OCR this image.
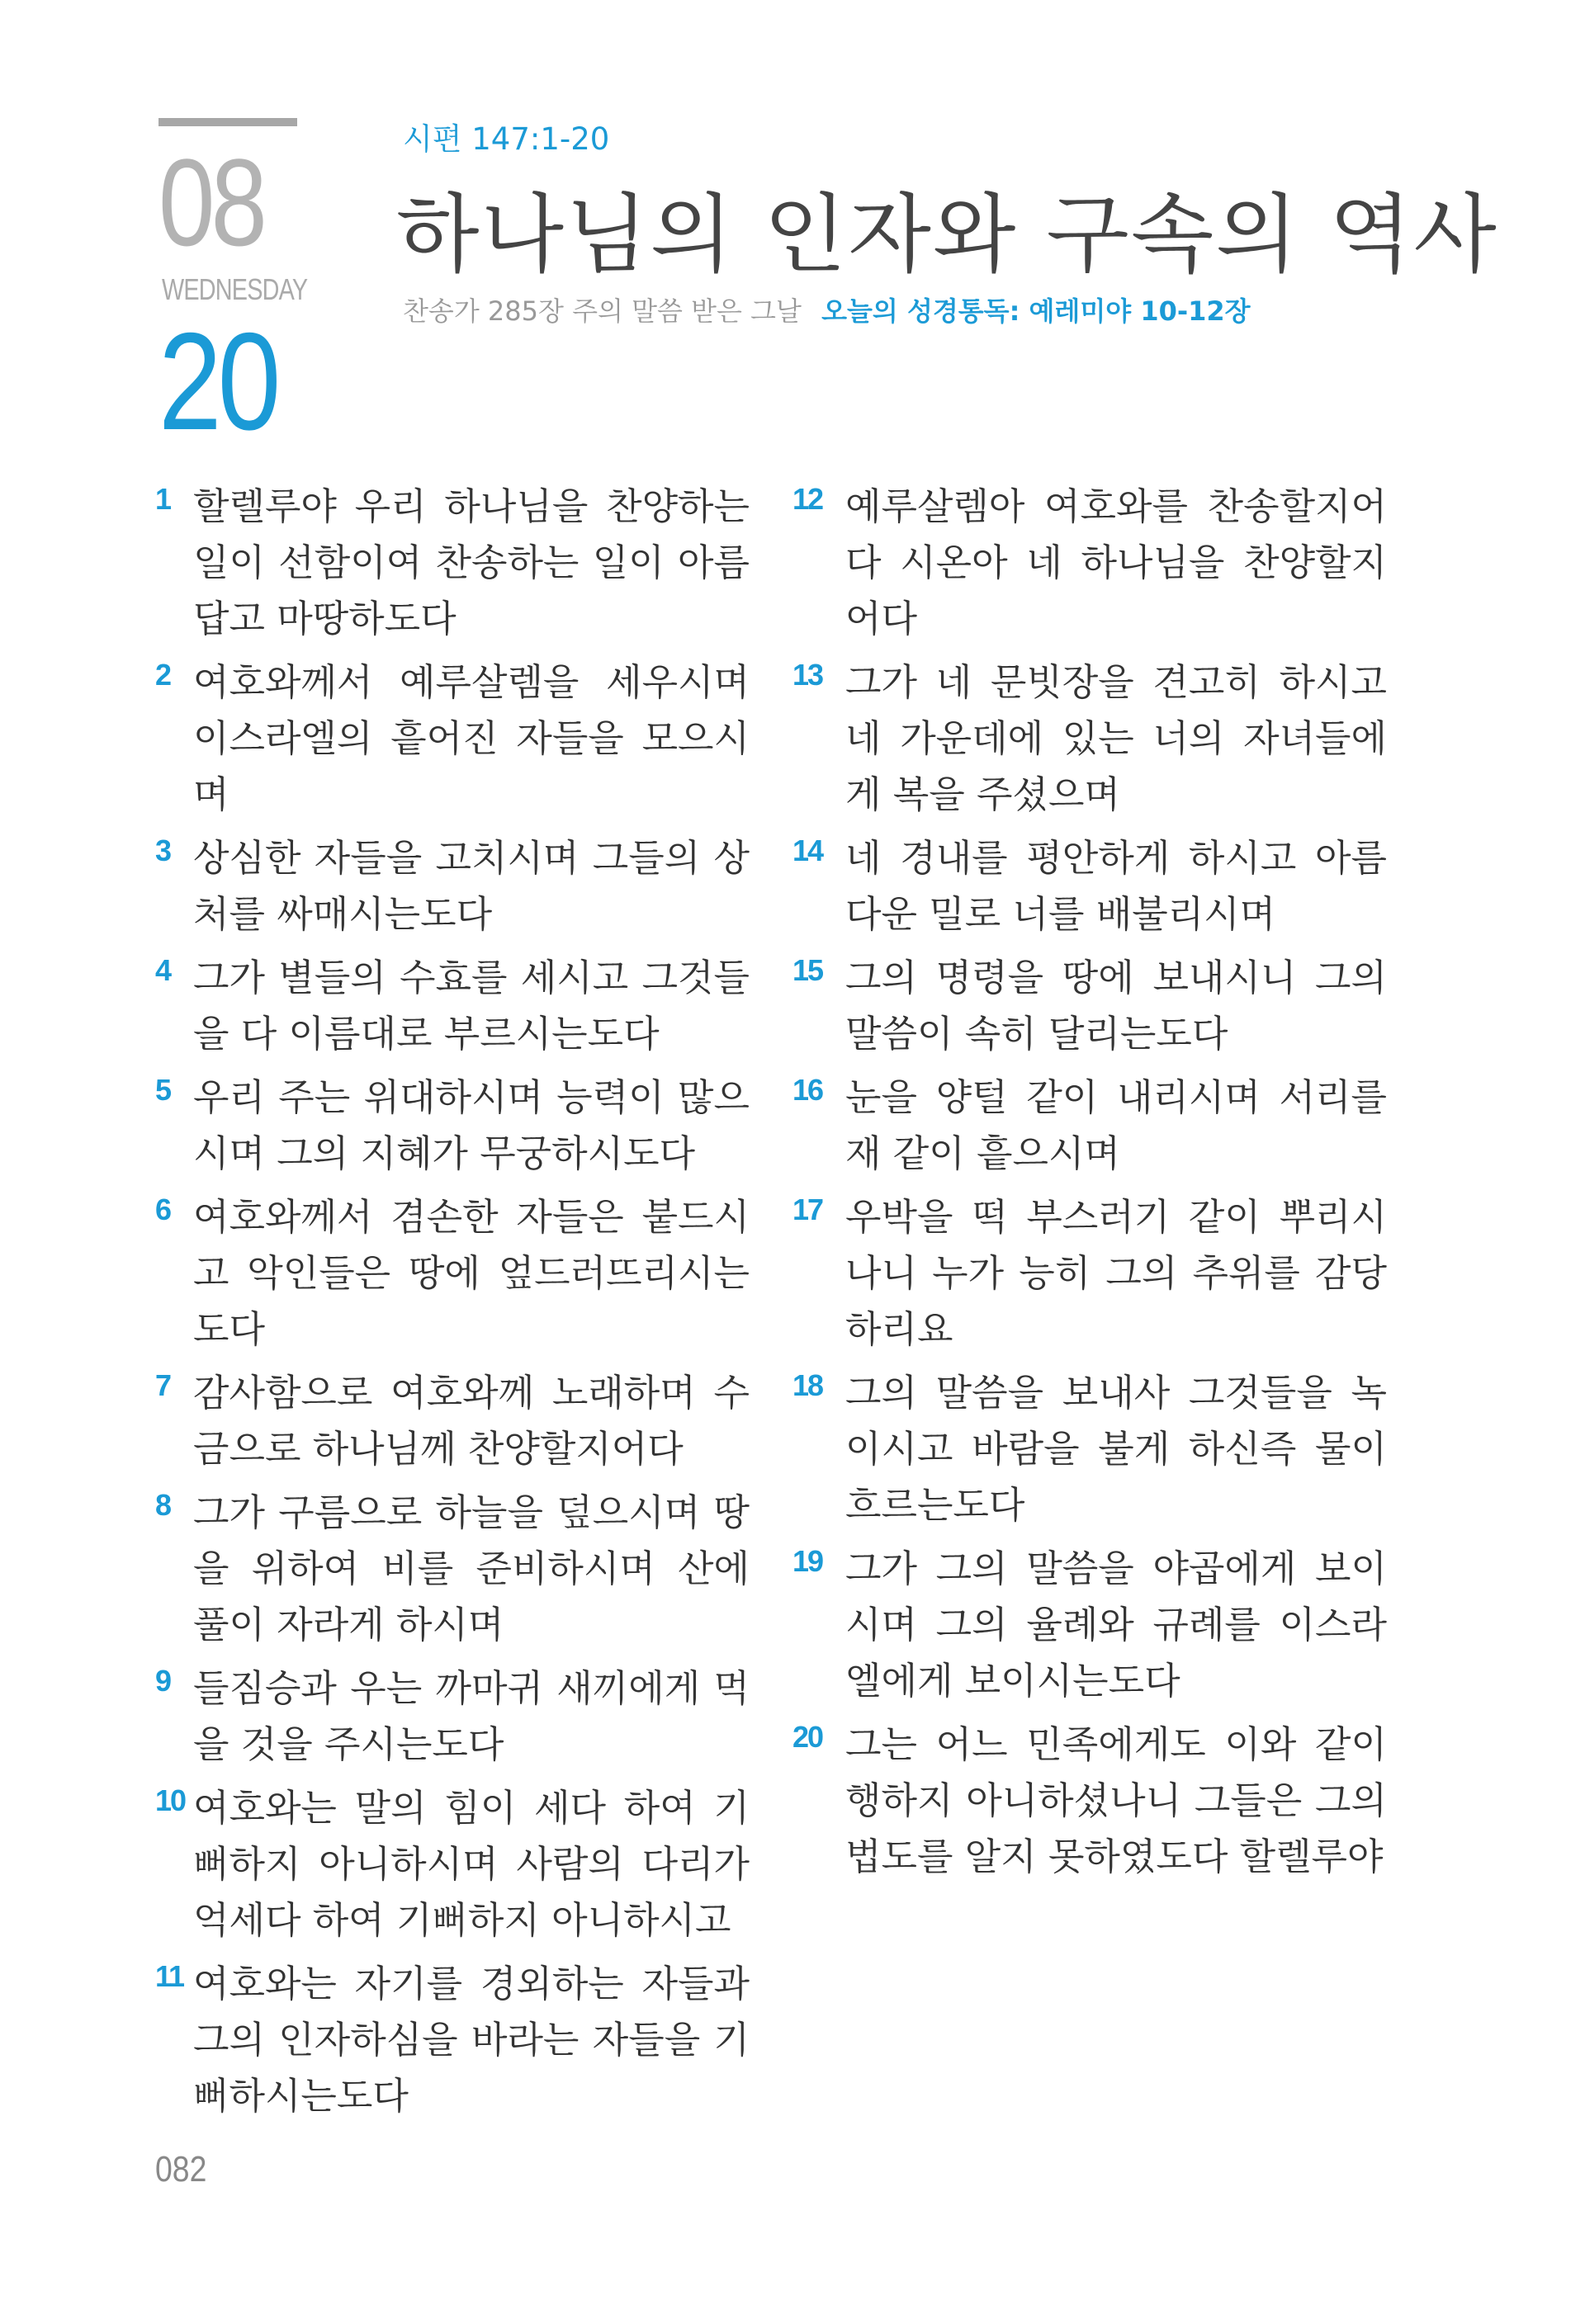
08
WEDNESDAY
20
시편 147:1-20
하나님의 인자와 구속의 역사
찬송가 285장 주의 말씀 받은 그날 오늘의 성경통독: 예레미야 10-12장
1 할렐루야 우리 하나님을 찬양하는 일이 선함이여 찬송하는 일이 아름답고 마땅하도다
2 여호와께서 예루살렘을 세우시며 이스라엘의 흩어진 자들을 모으시며
3 상심한 자들을 고치시며 그들의 상처를 싸매시는도다
4 그가 별들의 수효를 세시고 그것들을 다 이름대로 부르시는도다
5 우리 주는 위대하시며 능력이 많으시며 그의 지혜가 무궁하시도다
6 여호와께서 겸손한 자들은 붙드시고 악인들은 땅에 엎드러뜨리시는도다
7 감사함으로 여호와께 노래하며 수금으로 하나님께 찬양할지어다
8 그가 구름으로 하늘을 덮으시며 땅을 위하여 비를 준비하시며 산에 풀이 자라게 하시며
9 들짐승과 우는 까마귀 새끼에게 먹을 것을 주시는도다
10 여호와는 말의 힘이 세다 하여 기뻐하지 아니하시며 사람의 다리가 억세다 하여 기뻐하지 아니하시고
11 여호와는 자기를 경외하는 자들과 그의 인자하심을 바라는 자들을 기뻐하시는도다
12 예루살렘아 여호와를 찬송할지어다 시온아 네 하나님을 찬양할지어다
13 그가 네 문빗장을 견고히 하시고 네 가운데에 있는 너의 자녀들에게 복을 주셨으며
14 네 경내를 평안하게 하시고 아름다운 밀로 너를 배불리시며
15 그의 명령을 땅에 보내시니 그의 말씀이 속히 달리는도다
16 눈을 양털 같이 내리시며 서리를 재 같이 흩으시며
17 우박을 떡 부스러기 같이 뿌리시나니 누가 능히 그의 추위를 감당하리요
18 그의 말씀을 보내사 그것들을 녹이시고 바람을 불게 하신즉 물이 흐르는도다
19 그가 그의 말씀을 야곱에게 보이시며 그의 율례와 규례를 이스라엘에게 보이시는도다
20 그는 어느 민족에게도 이와 같이 행하지 아니하셨나니 그들은 그의 법도를 알지 못하였도다 할렐루야
082
